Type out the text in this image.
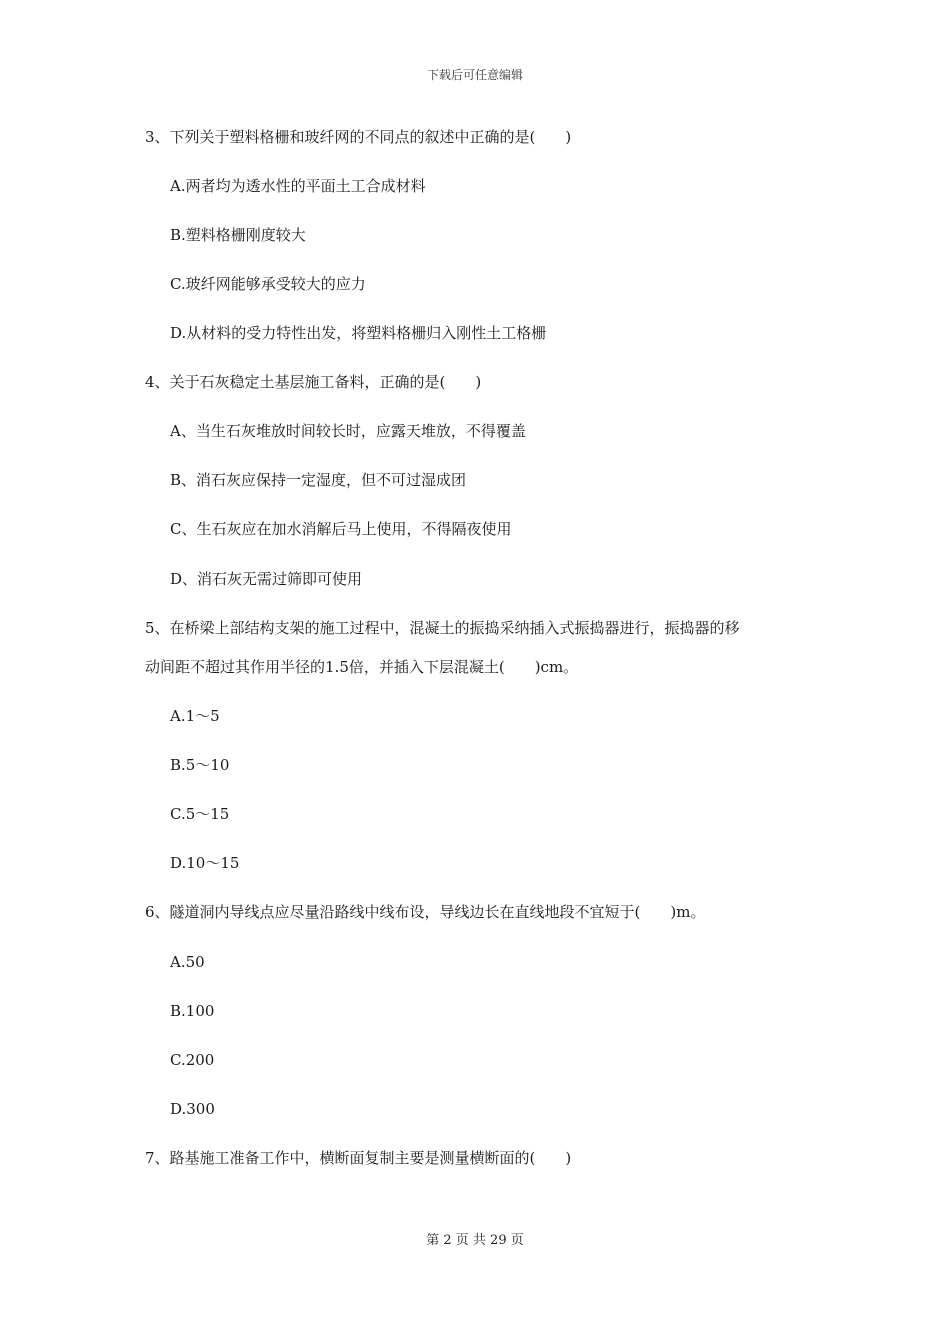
下载后可任意编辑
3、下列关于塑料格栅和玻纤网的不同点的叙述中正确的是(　　)
A.两者均为透水性的平面土工合成材料
B.塑料格栅刚度较大
C.玻纤网能够承受较大的应力
D.从材料的受力特性出发，将塑料格栅归入刚性土工格栅
4、关于石灰稳定土基层施工备料，正确的是(　　)
A、当生石灰堆放时间较长时，应露天堆放，不得覆盖
B、消石灰应保持一定湿度，但不可过湿成团
C、生石灰应在加水消解后马上使用，不得隔夜使用
D、消石灰无需过筛即可使用
5、在桥梁上部结构支架的施工过程中，混凝土的振捣采纳插入式振捣器进行，振捣器的移
动间距不超过其作用半径的1.5倍，并插入下层混凝土(　　)cm。
A.1～5
B.5～10
C.5～15
D.10～15
6、隧道洞内导线点应尽量沿路线中线布设，导线边长在直线地段不宜短于(　　)m。
A.50
B.100
C.200
D.300
7、路基施工准备工作中，横断面复制主要是测量横断面的(　　)
第 2 页 共 29 页
